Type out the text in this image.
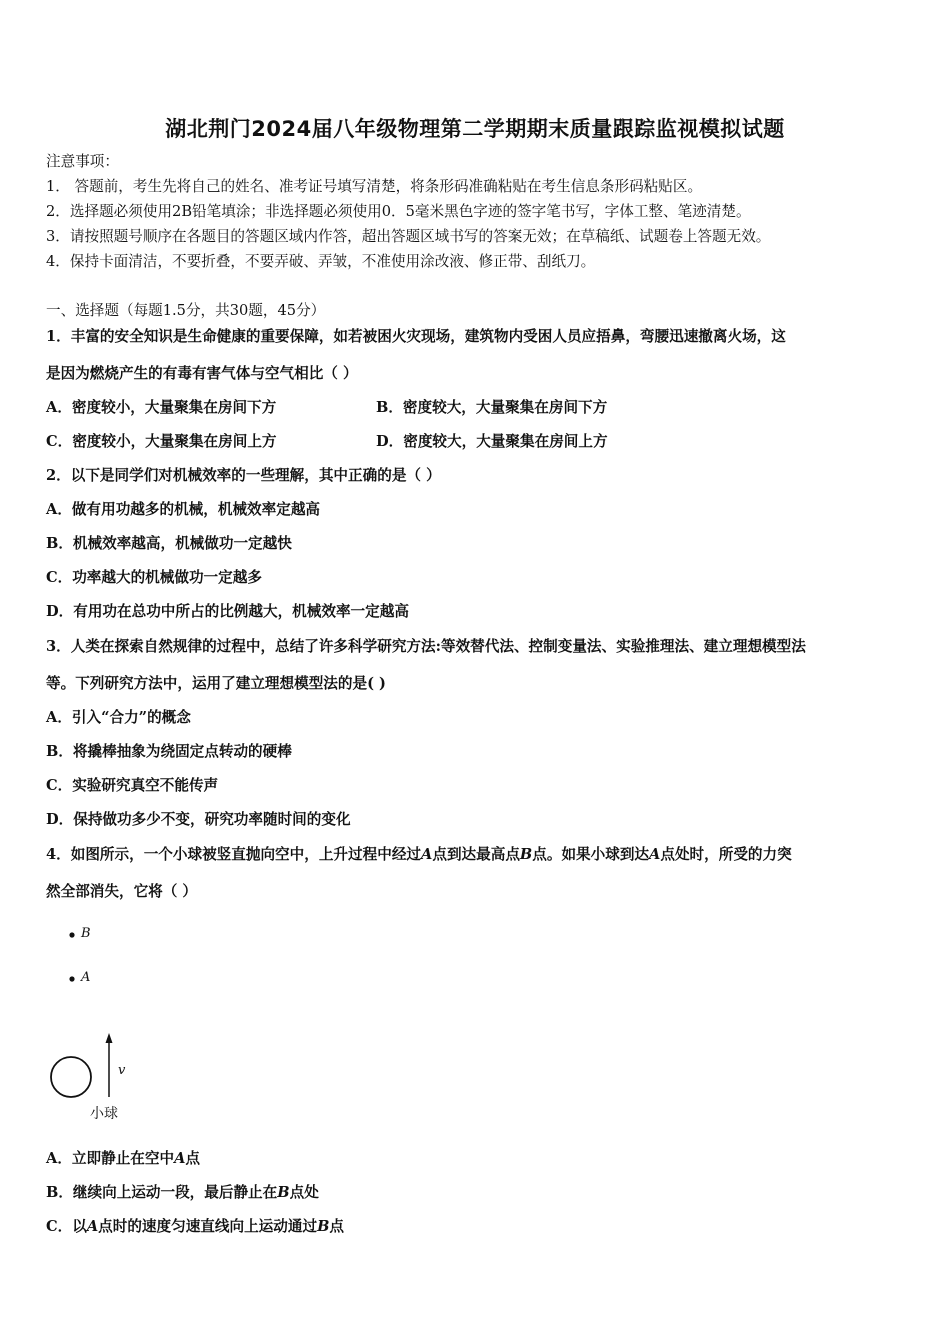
湖北荆门2024届八年级物理第二学期期末质量跟踪监视模拟试题
注意事项：
1． 答题前，考生先将自己的姓名、准考证号填写清楚，将条形码准确粘贴在考生信息条形码粘贴区。
2．选择题必须使用2B铅笔填涂；非选择题必须使用0．5毫米黑色字迹的签字笔书写，字体工整、笔迹清楚。
3．请按照题号顺序在各题目的答题区域内作答，超出答题区域书写的答案无效；在草稿纸、试题卷上答题无效。
4．保持卡面清洁，不要折叠，不要弄破、弄皱，不准使用涂改液、修正带、刮纸刀。
一、选择题（每题1.5分，共30题，45分）
1．丰富的安全知识是生命健康的重要保障，如若被困火灾现场，建筑物内受困人员应捂鼻，弯腰迅速撤离火场，这
是因为燃烧产生的有毒有害气体与空气相比（ ）
A．密度较小，大量聚集在房间下方	B．密度较大，大量聚集在房间下方
C．密度较小，大量聚集在房间上方	D．密度较大，大量聚集在房间上方
2．以下是同学们对机械效率的一些理解，其中正确的是（ ）
A．做有用功越多的机械，机械效率定越高
B．机械效率越高，机械做功一定越快
C．功率越大的机械做功一定越多
D．有用功在总功中所占的比例越大，机械效率一定越高
3．人类在探索自然规律的过程中，总结了许多科学研究方法:等效替代法、控制变量法、实验推理法、建立理想模型法
等。下列研究方法中，运用了建立理想模型法的是( )
A．引入“合力”的概念
B．将撬棒抽象为绕固定点转动的硬棒
C．实验研究真空不能传声
D．保持做功多少不变，研究功率随时间的变化
4．如图所示，一个小球被竖直抛向空中，上升过程中经过A点到达最高点B点。如果小球到达A点处时，所受的力突
然全部消失，它将（ ）
B
A
v
小球
A．立即静止在空中A点
B．继续向上运动一段，最后静止在B点处
C．以A点时的速度匀速直线向上运动通过B点
